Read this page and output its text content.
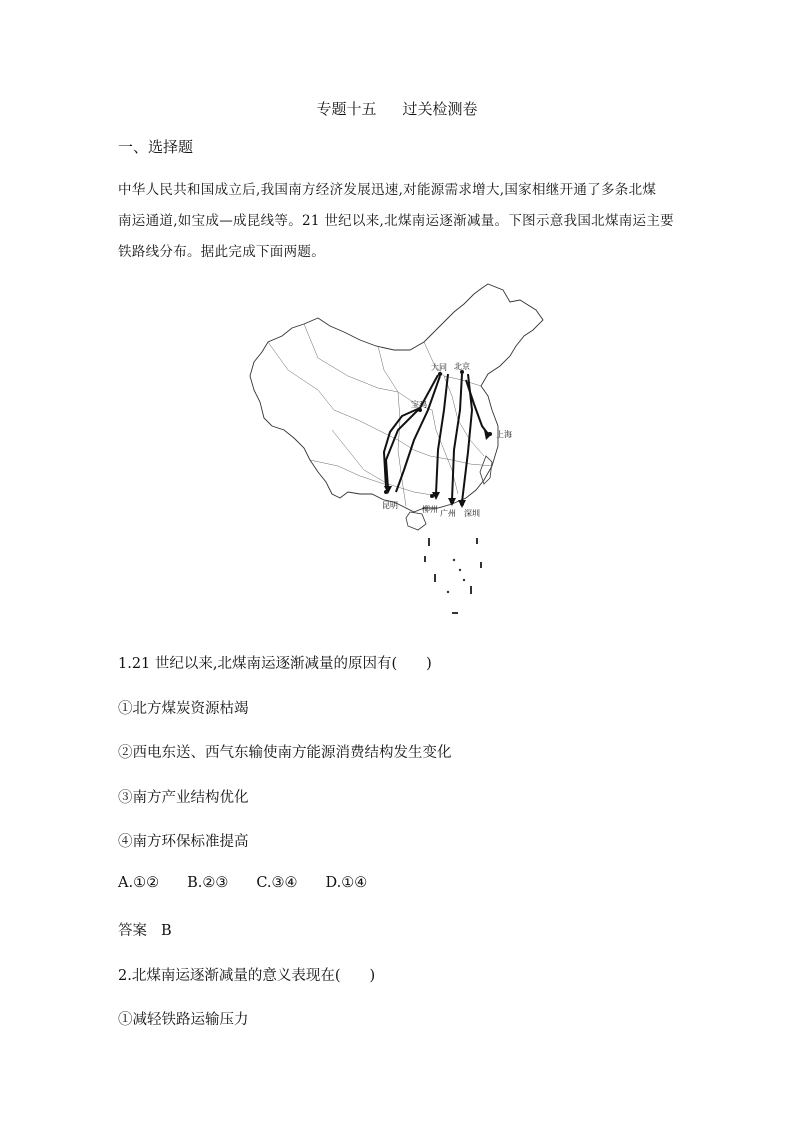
专题十五 过关检测卷
一、选择题
中华人民共和国成立后,我国南方经济发展迅速,对能源需求增大,国家相继开通了多条北煤
南运通道,如宝成—成昆线等。21 世纪以来,北煤南运逐渐减量。下图示意我国北煤南运主要
铁路线分布。据此完成下面两题。
大同 北京
宝鸡
上海
昆明	柳州 广州 深圳
1.21 世纪以来,北煤南运逐渐减量的原因有(　　)
①北方煤炭资源枯竭
②西电东送、西气东输使南方能源消费结构发生变化
③南方产业结构优化
④南方环保标准提高
A.①② B.②③ C.③④ D.①④
答案 B
2.北煤南运逐渐减量的意义表现在(　　)
①减轻铁路运输压力
